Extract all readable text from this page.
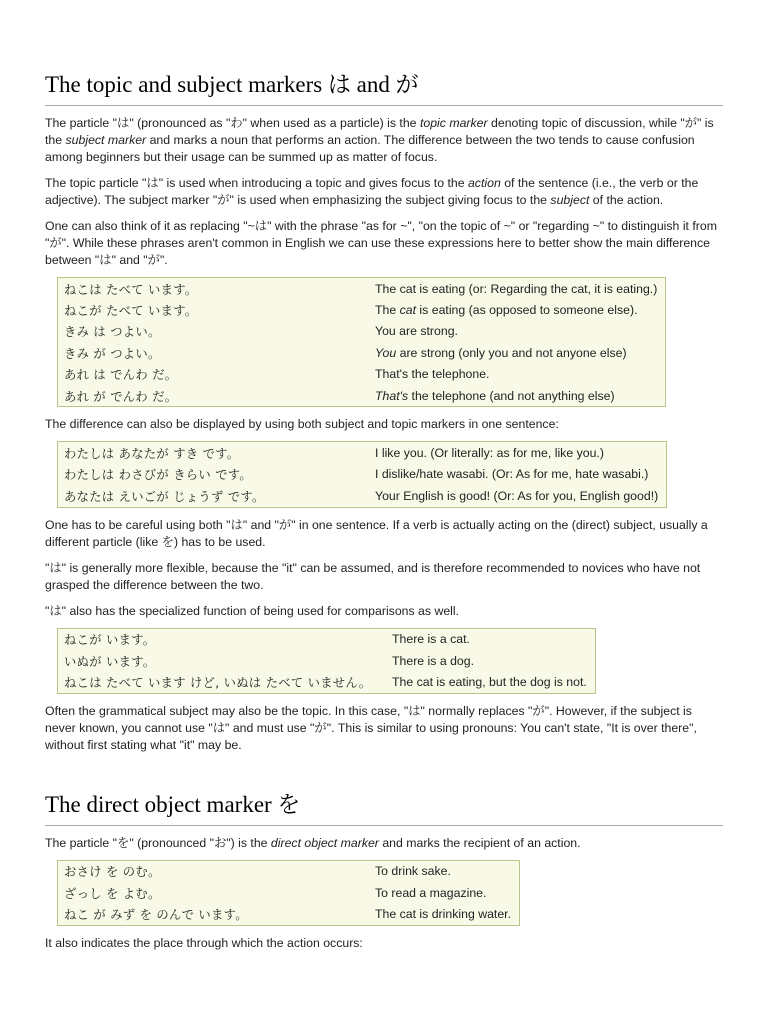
The topic and subject markers は and が

The particle "は" (pronounced as "わ" when used as a particle) is the topic marker denoting topic of discussion, while "が" is the subject marker and marks a noun that performs an action. The difference between the two tends to cause confusion among beginners but their usage can be summed up as matter of focus.

The topic particle "は" is used when introducing a topic and gives focus to the action of the sentence (i.e., the verb or the adjective). The subject marker "が" is used when emphasizing the subject giving focus to the subject of the action.

One can also think of it as replacing "~は" with the phrase "as for ~", "on the topic of ~" or "regarding ~" to distinguish it from "が". While these phrases aren't common in English we can use these expressions here to better show the main difference between "は" and "が".

ねこは たべて います。	The cat is eating (or: Regarding the cat, it is eating.)
ねこが たべて います。	The cat is eating (as opposed to someone else).
きみ は つよい。	You are strong.
きみ が つよい。	You are strong (only you and not anyone else)
あれ は でんわ だ。	That's the telephone.
あれ が でんわ だ。	That's the telephone (and not anything else)

The difference can also be displayed by using both subject and topic markers in one sentence:

わたしは あなたが すき です。	I like you. (Or literally: as for me, like you.)
わたしは わさびが きらい です。	I dislike/hate wasabi. (Or: As for me, hate wasabi.)
あなたは えいごが じょうず です。	Your English is good! (Or: As for you, English good!)

One has to be careful using both "は" and "が" in one sentence. If a verb is actually acting on the (direct) subject, usually a different particle (like を) has to be used.

"は" is generally more flexible, because the "it" can be assumed, and is therefore recommended to novices who have not grasped the difference between the two.

"は" also has the specialized function of being used for comparisons as well.

ねこが います。	There is a cat.
いぬが います。	There is a dog.
ねこは たべて います けど, いぬは たべて いません。	The cat is eating, but the dog is not.

Often the grammatical subject may also be the topic. In this case, "は" normally replaces "が". However, if the subject is never known, you cannot use "は" and must use "が". This is similar to using pronouns: You can't state, "It is over there", without first stating what "it" may be.

The direct object marker を

The particle "を" (pronounced "お") is the direct object marker and marks the recipient of an action.

おさけ を のむ。	To drink sake.
ざっし を よむ。	To read a magazine.
ねこ が みず を のんで います。	The cat is drinking water.

It also indicates the place through which the action occurs:
